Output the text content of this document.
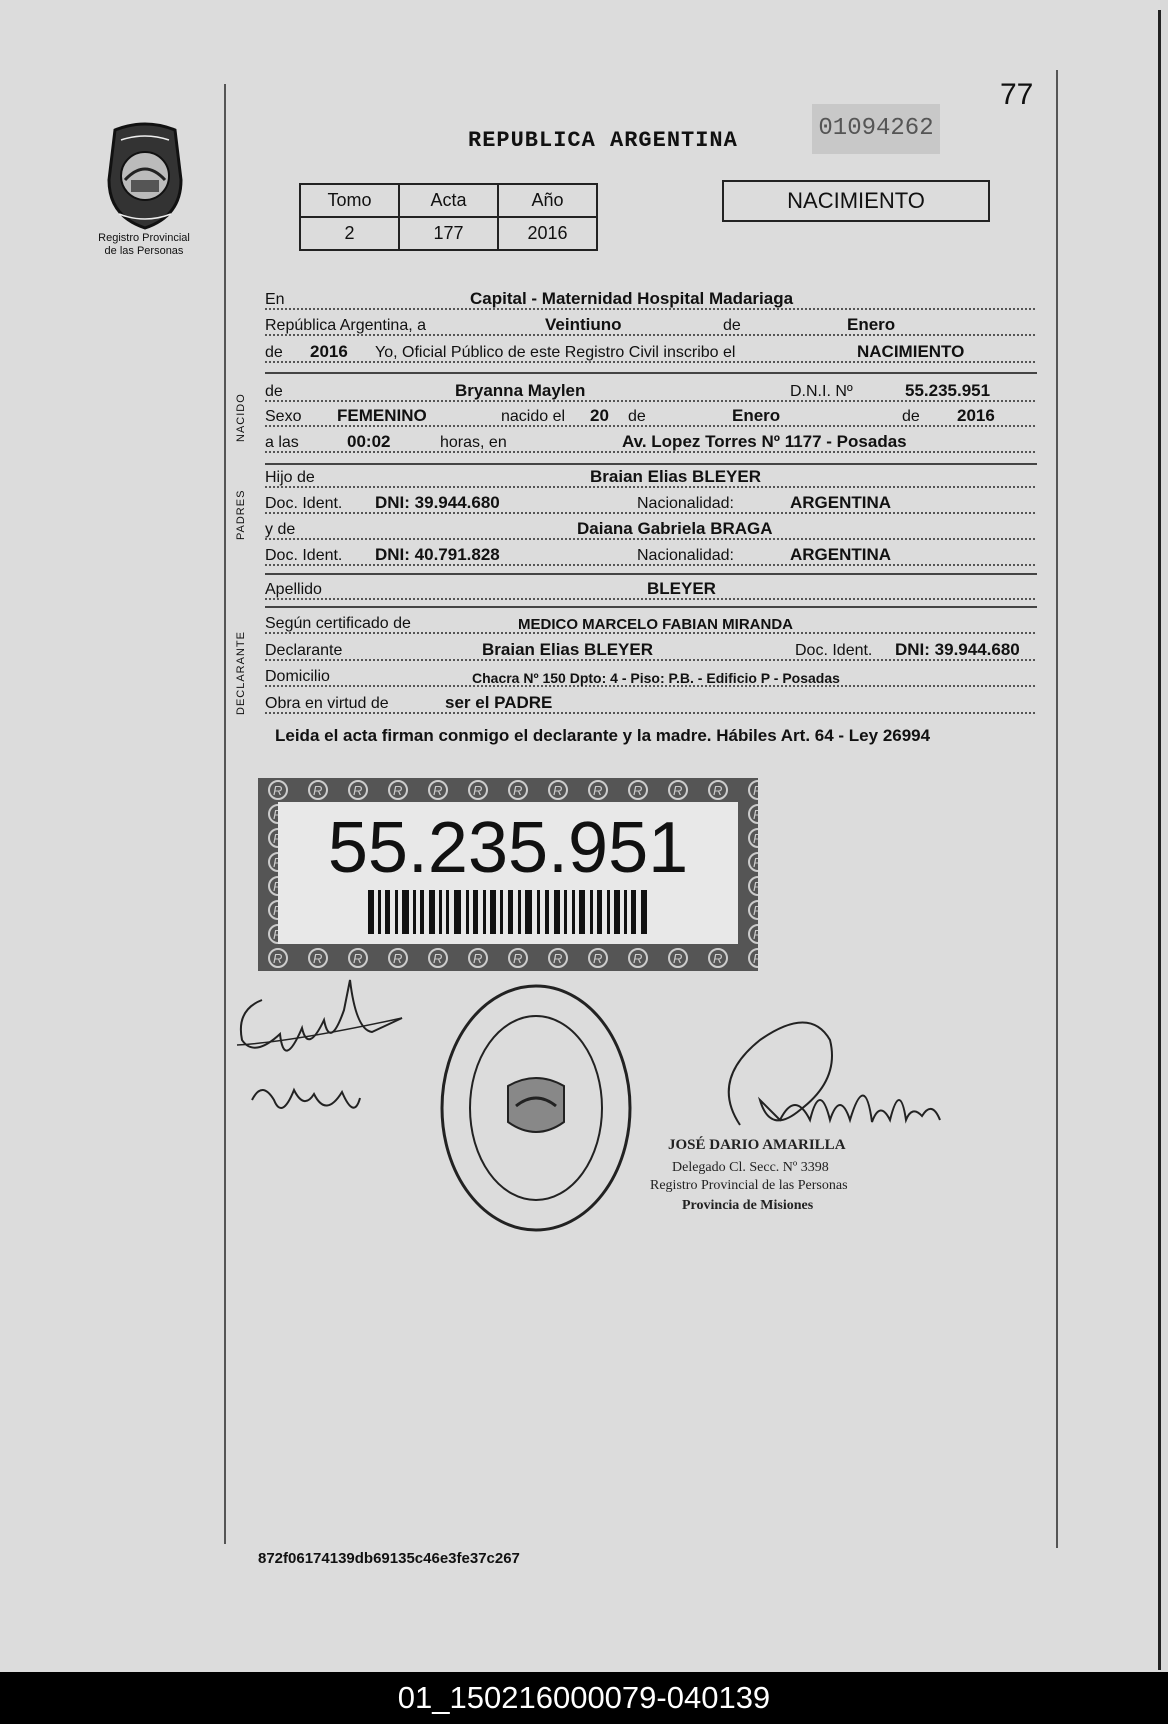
77
Registro Provincial
de las Personas
REPUBLICA ARGENTINA	01094262
Tomo	Acta	Año
2	177	2016
NACIMIENTO
En	Capital - Maternidad Hospital Madariaga
República Argentina, a	Veintiuno	de	Enero
de 2016 Yo, Oficial Público de este Registro Civil inscribo el	NACIMIENTO
NACIDO
de	Bryanna Maylen	D.N.I. Nº	55.235.951
Sexo FEMENINO	nacido el 20 de	Enero	de 2016
a las	00:02	horas, en	Av. Lopez Torres Nº 1177 - Posadas
PADRES
Hijo de	Braian Elias BLEYER
Doc. Ident. DNI: 39.944.680	Nacionalidad:	ARGENTINA
y de	Daiana Gabriela BRAGA
Doc. Ident. DNI: 40.791.828	Nacionalidad:	ARGENTINA
Apellido	BLEYER
DECLARANTE
Según certificado de	MEDICO MARCELO FABIAN MIRANDA
Declarante	Braian Elias BLEYER	Doc. Ident. DNI: 39.944.680
Domicilio	Chacra Nº 150 Dpto: 4 - Piso: P.B. - Edificio P - Posadas
Obra en virtud de	ser el PADRE
Leida el acta firman conmigo el declarante y la madre. Hábiles Art. 64 - Ley 26994
55.235.951
JOSÉ DARIO AMARILLA
Delegado Cl. Secc. Nº 3398
Registro Provincial de las Personas
Provincia de Misiones
872f06174139db69135c46e3fe37c267
01_150216000079-040139
